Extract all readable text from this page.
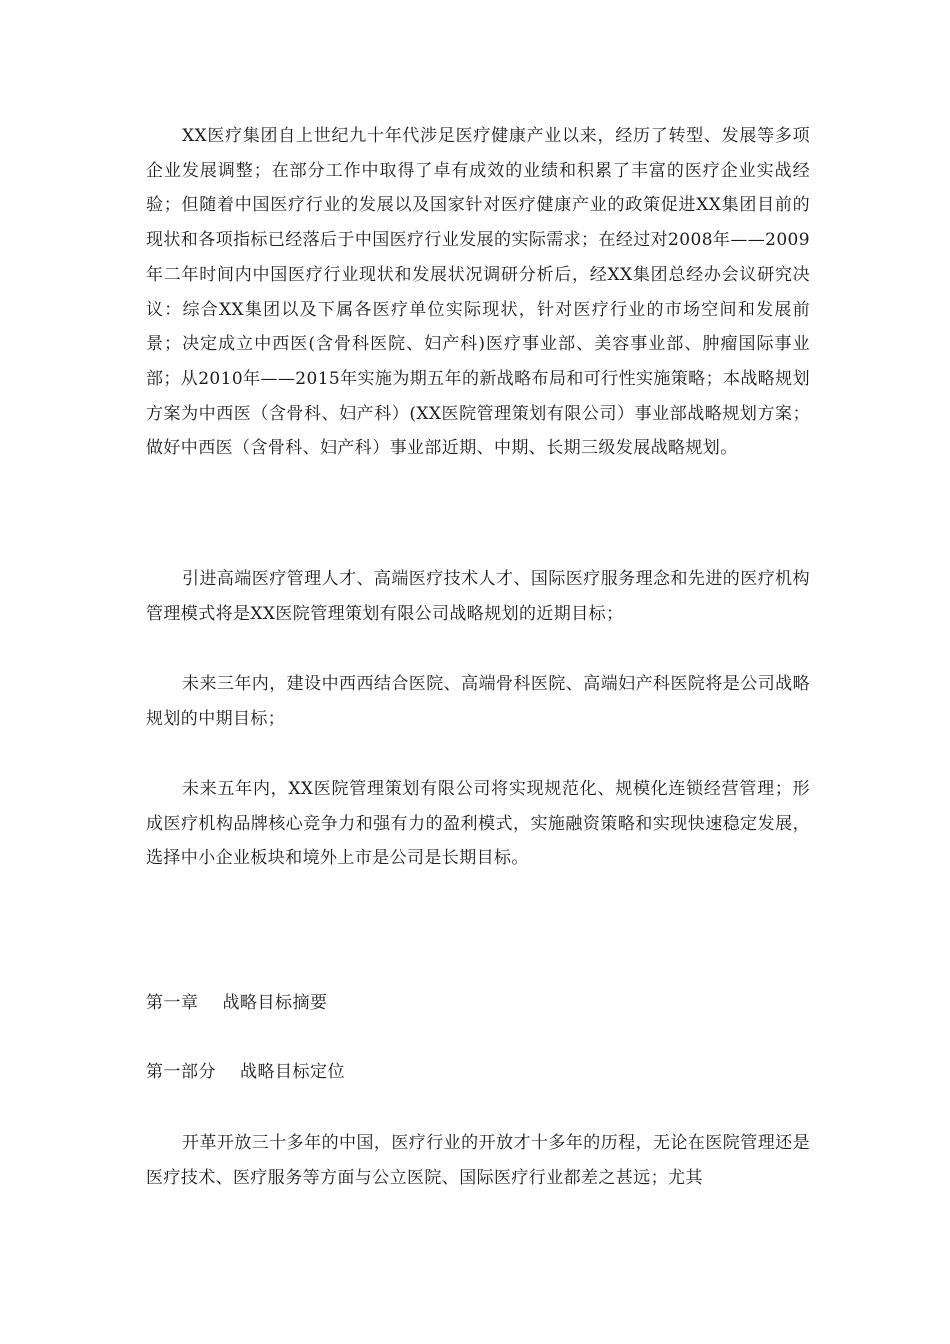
XX医疗集团自上世纪九十年代涉足医疗健康产业以来，经历了转型、发展等多项企业发展调整；在部分工作中取得了卓有成效的业绩和积累了丰富的医疗企业实战经验；但随着中国医疗行业的发展以及国家针对医疗健康产业的政策促进XX集团目前的现状和各项指标已经落后于中国医疗行业发展的实际需求；在经过对2008年——2009年二年时间内中国医疗行业现状和发展状况调研分析后，经XX集团总经办会议研究决议：综合XX集团以及下属各医疗单位实际现状，针对医疗行业的市场空间和发展前景；决定成立中西医(含骨科医院、妇产科)医疗事业部、美容事业部、肿瘤国际事业部；从2010年——2015年实施为期五年的新战略布局和可行性实施策略；本战略规划方案为中西医（含骨科、妇产科）(XX医院管理策划有限公司）事业部战略规划方案；做好中西医（含骨科、妇产科）事业部近期、中期、长期三级发展战略规划。

引进高端医疗管理人才、高端医疗技术人才、国际医疗服务理念和先进的医疗机构管理模式将是XX医院管理策划有限公司战略规划的近期目标；

未来三年内，建设中西西结合医院、高端骨科医院、高端妇产科医院将是公司战略规划的中期目标；

未来五年内，XX医院管理策划有限公司将实现规范化、规模化连锁经营管理；形成医疗机构品牌核心竞争力和强有力的盈利模式，实施融资策略和实现快速稳定发展，选择中小企业板块和境外上市是公司是长期目标。

第一章 战略目标摘要
第一部分 战略目标定位

开革开放三十多年的中国，医疗行业的开放才十多年的历程，无论在医院管理还是医疗技术、医疗服务等方面与公立医院、国际医疗行业都差之甚远；尤其
